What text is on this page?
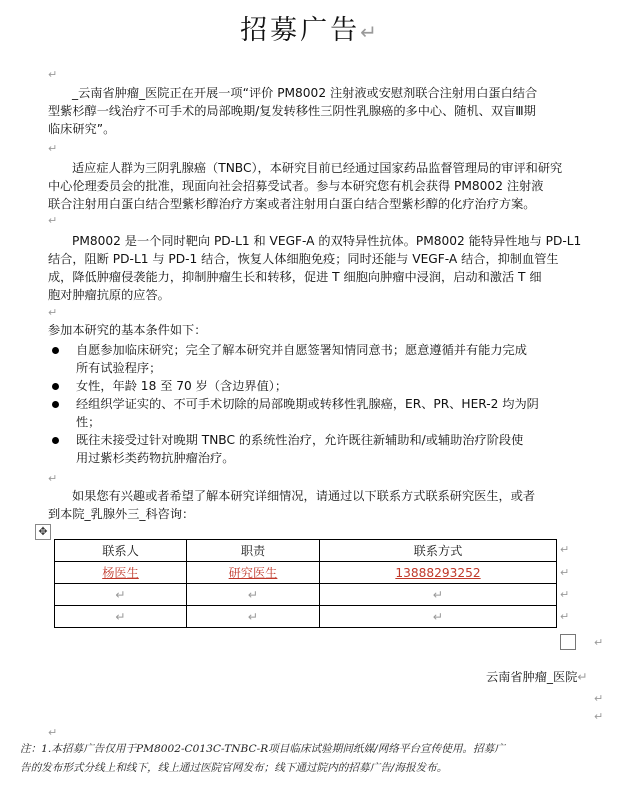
招募广告↵
↵
_云南省肿瘤_医院正在开展一项“评价 PM8002 注射液或安慰剂联合注射用白蛋白结合
型紫杉醇一线治疗不可手术的局部晚期/复发转移性三阴性乳腺癌的多中心、随机、双盲Ⅲ期
临床研究”。
↵
适应症人群为三阴乳腺癌（TNBC），本研究目前已经通过国家药品监督管理局的审评和研究
中心伦理委员会的批准，现面向社会招募受试者。参与本研究您有机会获得 PM8002 注射液
联合注射用白蛋白结合型紫杉醇治疗方案或者注射用白蛋白结合型紫杉醇的化疗治疗方案。
↵
PM8002 是一个同时靶向 PD-L1 和 VEGF-A 的双特异性抗体。PM8002 能特异性地与 PD-L1
结合，阻断 PD-L1 与 PD-1 结合，恢复人体细胞免疫；同时还能与 VEGF-A 结合，抑制血管生
成，降低肿瘤侵袭能力，抑制肿瘤生长和转移，促进 T 细胞向肿瘤中浸润，启动和激活 T 细
胞对肿瘤抗原的应答。
↵
参加本研究的基本条件如下：
自愿参加临床研究；完全了解本研究并自愿签署知情同意书；愿意遵循并有能力完成
所有试验程序；
女性，年龄 18 至 70 岁（含边界值）；
经组织学证实的、不可手术切除的局部晚期或转移性乳腺癌，ER、PR、HER-2 均为阴
性；
既往未接受过针对晚期 TNBC 的系统性治疗，允许既往新辅助和/或辅助治疗阶段使
用过紫杉类药物抗肿瘤治疗。
↵
如果您有兴趣或者希望了解本研究详细情况，请通过以下联系方式联系研究医生，或者
到本院_乳腺外三_科咨询：
✥
联系人	职责	联系方式
杨医生	研究医生	13888293252
↵	↵	↵
↵	↵	↵
↵
↵
↵
↵
↵
云南省肿瘤_医院↵
↵
↵
↵
注：1.本招募广告仅用于PM8002-C013C-TNBC-R项目临床试验期间纸媒/网络平台宣传使用。招募广
告的发布形式分线上和线下，线上通过医院官网发布；线下通过院内的招募广告/海报发布。
